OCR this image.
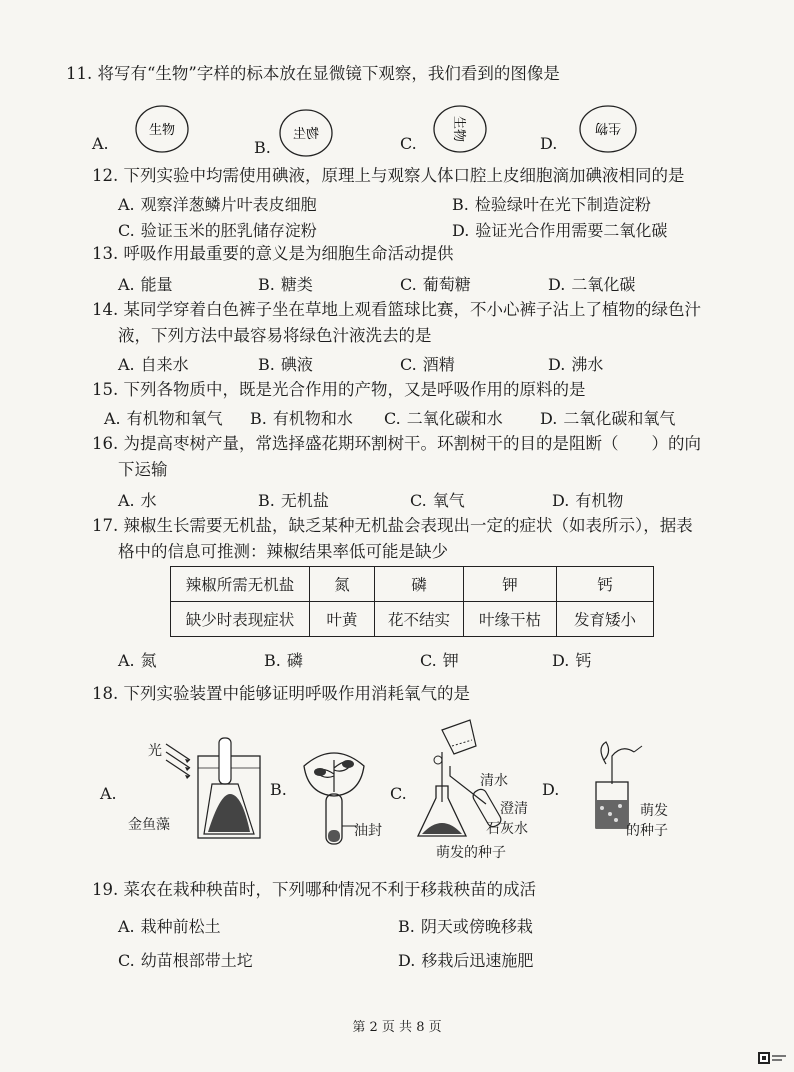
11. 将写有“生物”字样的标本放在显微镜下观察，我们看到的图像是
A.
生物
B.
物生	C.
生物
D.
生物
12. 下列实验中均需使用碘液，原理上与观察人体口腔上皮细胞滴加碘液相同的是
A. 观察洋葱鳞片叶表皮细胞	B. 检验绿叶在光下制造淀粉
C. 验证玉米的胚乳储存淀粉	D. 验证光合作用需要二氧化碳
13. 呼吸作用最重要的意义是为细胞生命活动提供
A. 能量	B. 糖类	C. 葡萄糖	D. 二氧化碳
14. 某同学穿着白色裤子坐在草地上观看篮球比赛，不小心裤子沾上了植物的绿色汁
液，下列方法中最容易将绿色汁液洗去的是
A. 自来水	B. 碘液	C. 酒精	D. 沸水
15. 下列各物质中，既是光合作用的产物，又是呼吸作用的原料的是
A. 有机物和氧气 B. 有机物和水 C. 二氧化碳和水 D. 二氧化碳和氧气
16. 为提高枣树产量，常选择盛花期环割树干。环割树干的目的是阻断（　　）的向
下运输
A. 水	B. 无机盐	C. 氧气	D. 有机物
17. 辣椒生长需要无机盐，缺乏某种无机盐会表现出一定的症状（如表所示），据表
格中的信息可推测：辣椒结果率低可能是缺少
辣椒所需无机盐	氮	磷	钾	钙
缺少时表现症状	叶黄	花不结实	叶缘干枯	发育矮小
A. 氮	B. 磷	C. 钾	D. 钙
18. 下列实验装置中能够证明呼吸作用消耗氧气的是
A.
光
金鱼藻
B.
油封
C.
清水
澄清
石灰水
萌发的种子
D.
萌发
的种子
19. 菜农在栽种秧苗时，下列哪种情况不利于移栽秧苗的成活
A. 栽种前松土	B. 阴天或傍晚移栽
C. 幼苗根部带土坨	D. 移栽后迅速施肥
第 2 页 共 8 页
